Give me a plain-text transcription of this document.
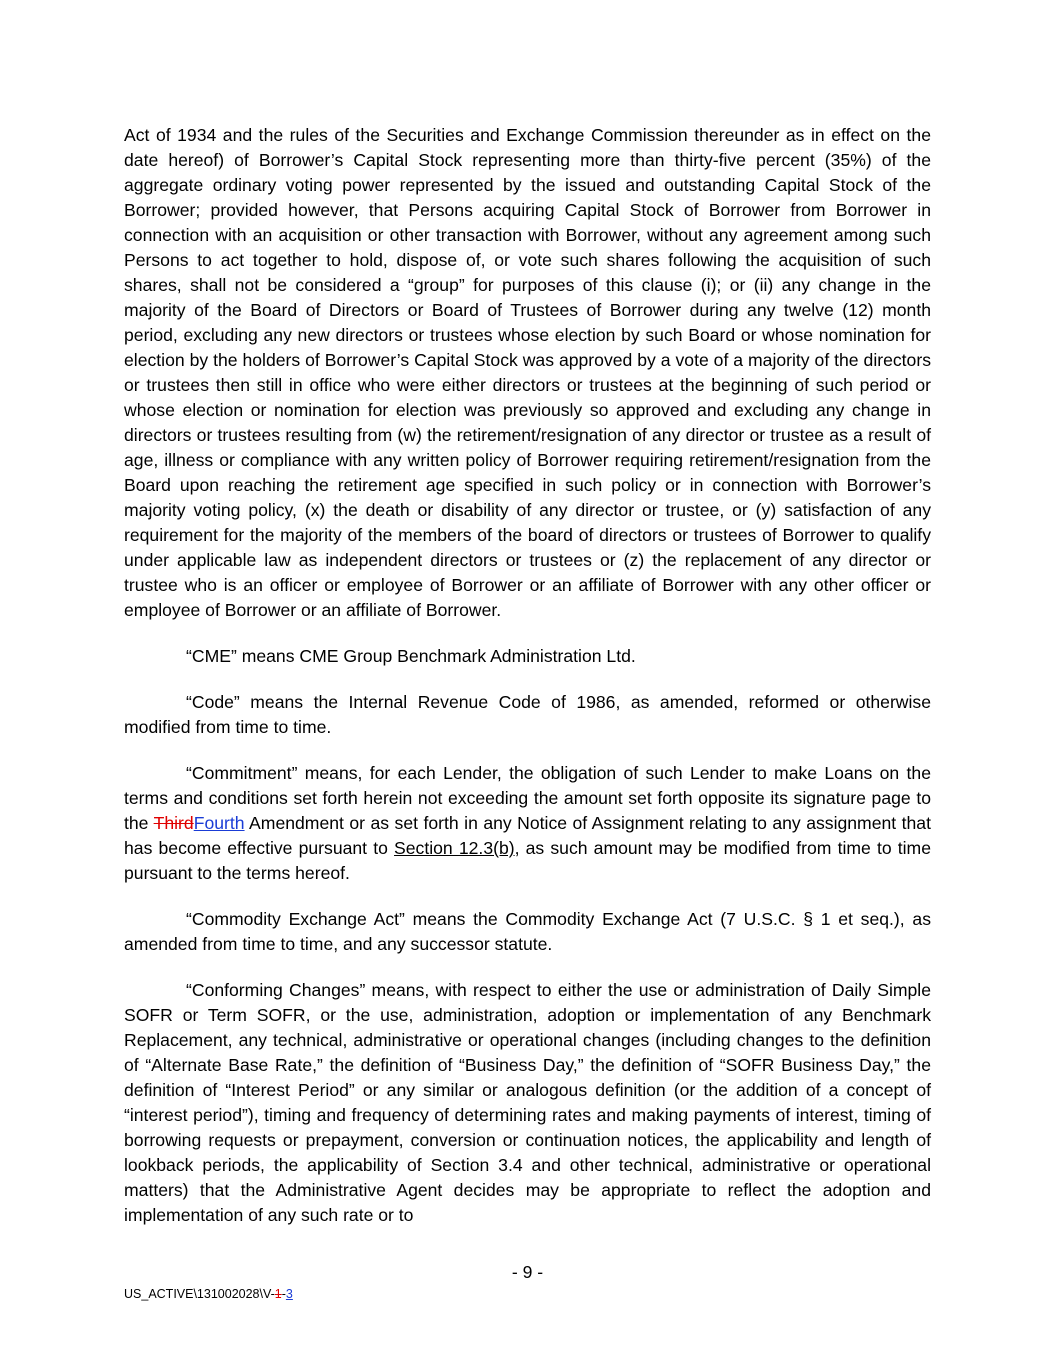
Act of 1934 and the rules of the Securities and Exchange Commission thereunder as in effect on the date hereof) of Borrower’s Capital Stock representing more than thirty-five percent (35%) of the aggregate ordinary voting power represented by the issued and outstanding Capital Stock of the Borrower; provided however, that Persons acquiring Capital Stock of Borrower from Borrower in connection with an acquisition or other transaction with Borrower, without any agreement among such Persons to act together to hold, dispose of, or vote such shares following the acquisition of such shares, shall not be considered a “group” for purposes of this clause (i); or (ii) any change in the majority of the Board of Directors or Board of Trustees of Borrower during any twelve (12) month period, excluding any new directors or trustees whose election by such Board or whose nomination for election by the holders of Borrower’s Capital Stock was approved by a vote of a majority of the directors or trustees then still in office who were either directors or trustees at the beginning of such period or whose election or nomination for election was previously so approved and excluding any change in directors or trustees resulting from (w) the retirement/resignation of any director or trustee as a result of age, illness or compliance with any written policy of Borrower requiring retirement/resignation from the Board upon reaching the retirement age specified in such policy or in connection with Borrower’s majority voting policy, (x) the death or disability of any director or trustee, or (y) satisfaction of any requirement for the majority of the members of the board of directors or trustees of Borrower to qualify under applicable law as independent directors or trustees or (z) the replacement of any director or trustee who is an officer or employee of Borrower or an affiliate of Borrower with any other officer or employee of Borrower or an affiliate of Borrower.

“CME” means CME Group Benchmark Administration Ltd.

“Code” means the Internal Revenue Code of 1986, as amended, reformed or otherwise modified from time to time.

“Commitment” means, for each Lender, the obligation of such Lender to make Loans on the terms and conditions set forth herein not exceeding the amount set forth opposite its signature page to the ThirdFourth Amendment or as set forth in any Notice of Assignment relating to any assignment that has become effective pursuant to Section 12.3(b), as such amount may be modified from time to time pursuant to the terms hereof.

“Commodity Exchange Act” means the Commodity Exchange Act (7 U.S.C. § 1 et seq.), as amended from time to time, and any successor statute.

“Conforming Changes” means, with respect to either the use or administration of Daily Simple SOFR or Term SOFR, or the use, administration, adoption or implementation of any Benchmark Replacement, any technical, administrative or operational changes (including changes to the definition of “Alternate Base Rate,” the definition of “Business Day,” the definition of “SOFR Business Day,” the definition of “Interest Period” or any similar or analogous definition (or the addition of a concept of “interest period”), timing and frequency of determining rates and making payments of interest, timing of borrowing requests or prepayment, conversion or continuation notices, the applicability and length of lookback periods, the applicability of Section 3.4 and other technical, administrative or operational matters) that the Administrative Agent decides may be appropriate to reflect the adoption and implementation of any such rate or to

- 9 -
US_ACTIVE\131002028\V-1-3
